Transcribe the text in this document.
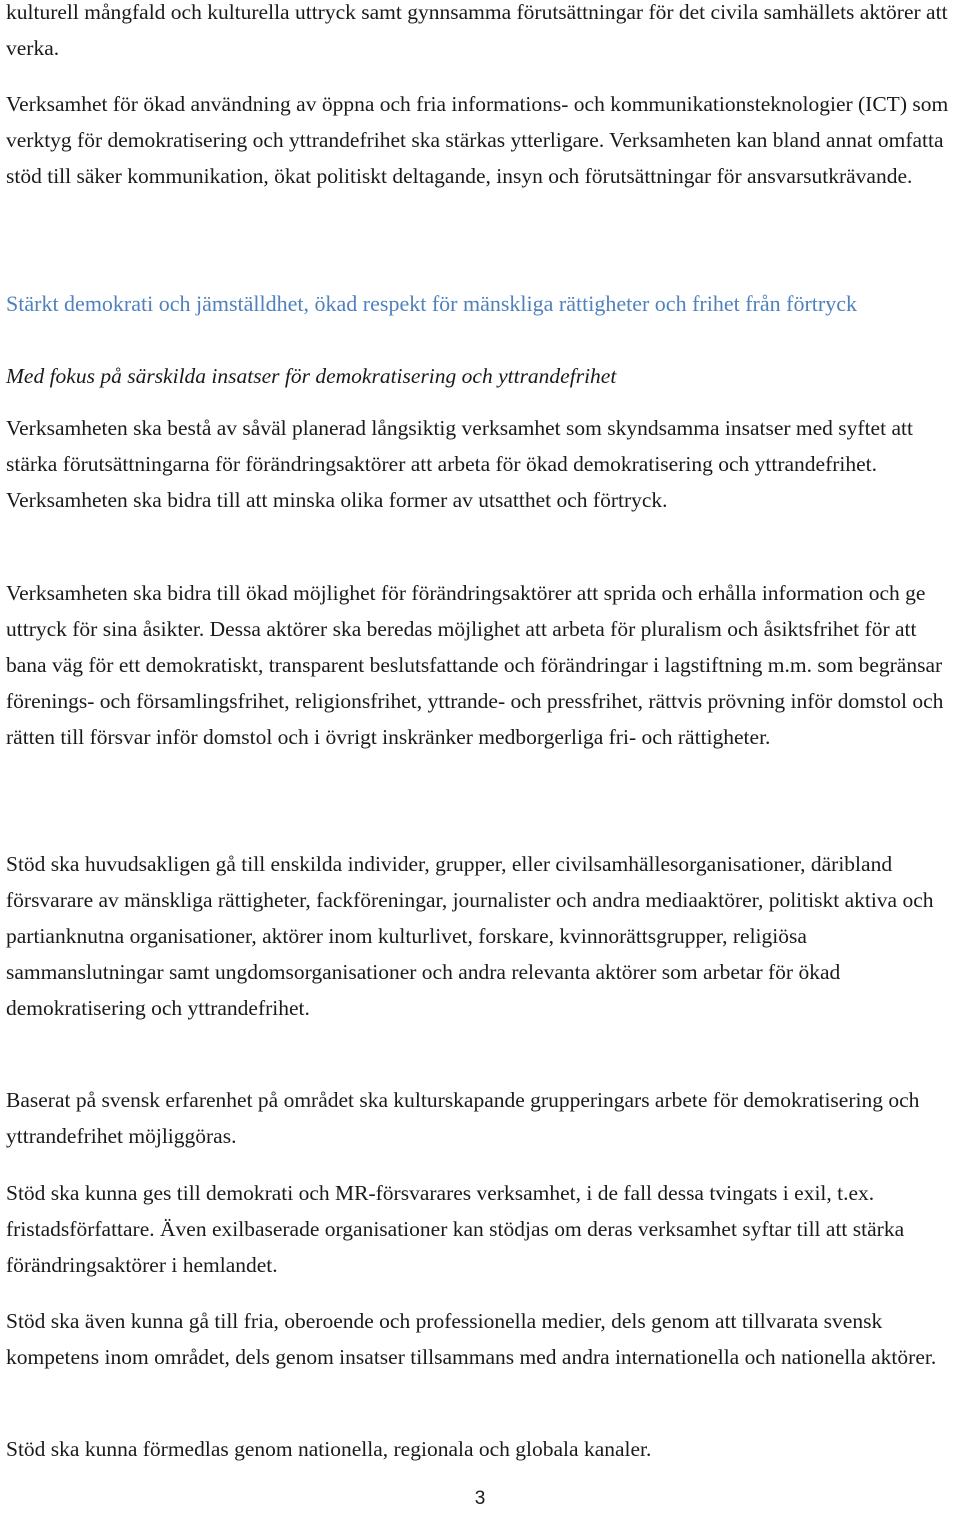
kulturell mångfald och kulturella uttryck samt gynnsamma förutsättningar för det civila samhällets aktörer att verka.

Verksamhet för ökad användning av öppna och fria informations- och kommunikationsteknologier (ICT) som verktyg för demokratisering och yttrandefrihet ska stärkas ytterligare. Verksamheten kan bland annat omfatta stöd till säker kommunikation, ökat politiskt deltagande, insyn och förutsättningar för ansvarsutkrävande.

Stärkt demokrati och jämställdhet, ökad respekt för mänskliga rättigheter och frihet från förtryck

Med fokus på särskilda insatser för demokratisering och yttrandefrihet

Verksamheten ska bestå av såväl planerad långsiktig verksamhet som skyndsamma insatser med syftet att stärka förutsättningarna för förändringsaktörer att arbeta för ökad demokratisering och yttrandefrihet. Verksamheten ska bidra till att minska olika former av utsatthet och förtryck.

Verksamheten ska bidra till ökad möjlighet för förändringsaktörer att sprida och erhålla information och ge uttryck för sina åsikter. Dessa aktörer ska beredas möjlighet att arbeta för pluralism och åsiktsfrihet för att bana väg för ett demokratiskt, transparent beslutsfattande och förändringar i lagstiftning m.m. som begränsar förenings- och församlingsfrihet, religionsfrihet, yttrande- och pressfrihet, rättvis prövning inför domstol och rätten till försvar inför domstol och i övrigt inskränker medborgerliga fri- och rättigheter.

Stöd ska huvudsakligen gå till enskilda individer, grupper, eller civilsamhällesorganisationer, däribland försvarare av mänskliga rättigheter, fackföreningar, journalister och andra mediaaktörer, politiskt aktiva och partianknutna organisationer, aktörer inom kulturlivet, forskare, kvinnorättsgrupper, religiösa sammanslutningar samt ungdomsorganisationer och andra relevanta aktörer som arbetar för ökad demokratisering och yttrandefrihet.

Baserat på svensk erfarenhet på området ska kulturskapande grupperingars arbete för demokratisering och yttrandefrihet möjliggöras.

Stöd ska kunna ges till demokrati och MR-försvarares verksamhet, i de fall dessa tvingats i exil, t.ex. fristadsförfattare. Även exilbaserade organisationer kan stödjas om deras verksamhet syftar till att stärka förändringsaktörer i hemlandet.

Stöd ska även kunna gå till fria, oberoende och professionella medier, dels genom att tillvarata svensk kompetens inom området, dels genom insatser tillsammans med andra internationella och nationella aktörer.

Stöd ska kunna förmedlas genom nationella, regionala och globala kanaler.

3
